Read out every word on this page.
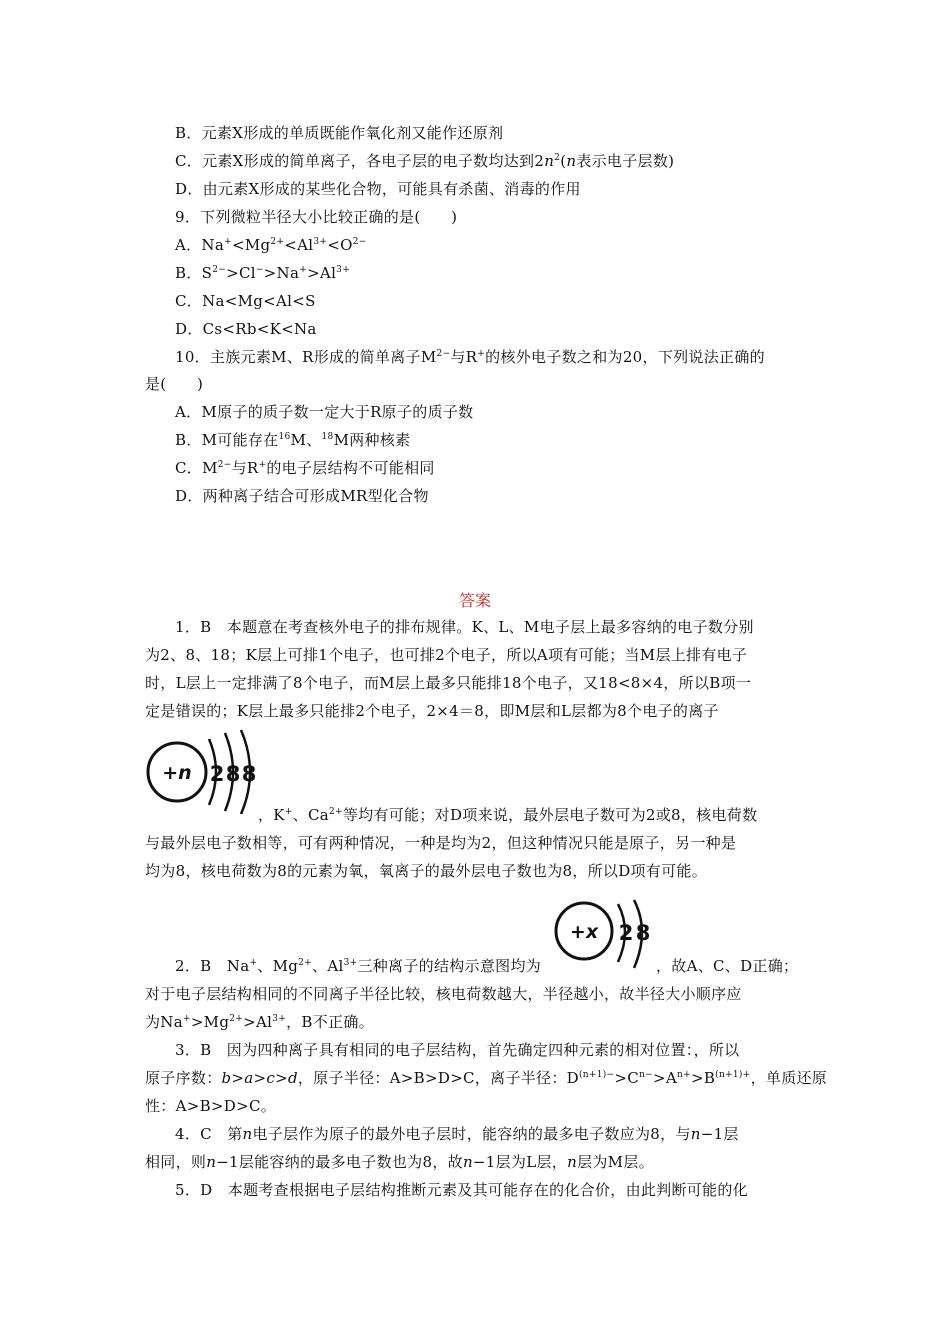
B．元素X形成的单质既能作氧化剂又能作还原剂
C．元素X形成的简单离子，各电子层的电子数均达到$2n^2(n$表示电子层数)
D．由元素X形成的某些化合物，可能具有杀菌、消毒的作用
9．下列微粒半径大小比较正确的是(　　)
A．$Na^+<Mg^{2+}<Al^{3+}<O^{2-}$
B．$S^{2-}>Cl^->Na^+>Al^{3+}$
C．Na<Mg<Al<S
D．Cs<Rb<K<Na
10．主族元素M、R形成的简单离子$M^{2-}$与R+的核外电子数之和为20，下列说法正确的
是(　　)
A．M原子的质子数一定大于R原子的质子数
B．M可能存在$^{16}$M、$^{18}$M两种核素
C．$M^{2-}$与R+的电子层结构不可能相同
D．两种离子结合可形成MR型化合物
答案
1．B　本题意在考查核外电子的排布规律。K、L、M电子层上最多容纳的电子数分别
为2、8、18；K层上可排1个电子，也可排2个电子，所以A项有可能；当M层上排有电子
时，L层上一定排满了8个电子，而M层上最多只能排18个电子，又18<8×4，所以B项一
定是错误的；K层上最多只能排2个电子，2×4＝8，即M层和L层都为8个电子的离子
+n 2 8 8
，K+、$Ca^{2+}$等均有可能；对D项来说，最外层电子数可为2或8，核电荷数
与最外层电子数相等，可有两种情况，一种是均为2，但这种情况只能是原子，另一种是
均为8，核电荷数为8的元素为氧，氧离子的最外层电子数也为8，所以D项有可能。
+x 2 8
2．B　Na+、$Mg^{2+}$、$Al^{3+}$三种离子的结构示意图均为	，故A、C、D正确；
对于电子层结构相同的不同离子半径比较，核电荷数越大，半径越小，故半径大小顺序应
为$Na^+>Mg^{2+}>Al^{3+}$，B不正确。
3．B　因为四种离子具有相同的电子层结构，首先确定四种元素的相对位置：，所以
原子序数：b>a>c>d，原子半径：A>B>D>C，离子半径：$D^{(n+1)-}>C^{n-}>A^{n+}>B^{(n+1)+}$，单质还原
性：A>B>D>C。
4．C　第n电子层作为原子的最外电子层时，能容纳的最多电子数应为8，与n−1层
相同，则n−1层能容纳的最多电子数也为8，故n−1层为L层，n层为M层。
5．D　本题考查根据电子层结构推断元素及其可能存在的化合价，由此判断可能的化
